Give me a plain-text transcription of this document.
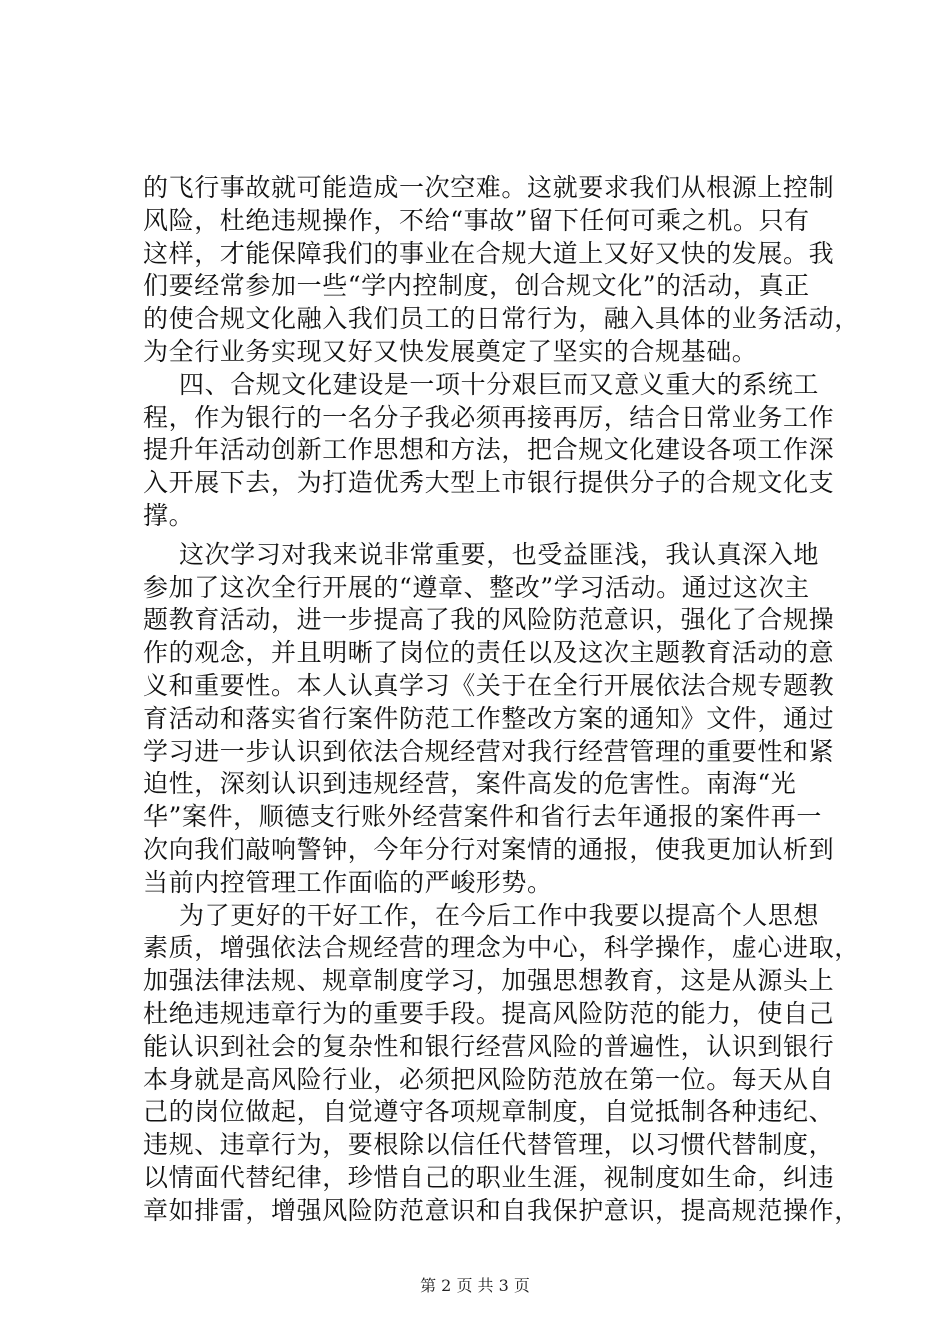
的飞行事故就可能造成一次空难。这就要求我们从根源上控制
风险，杜绝违规操作，不给“事故”留下任何可乘之机。只有
这样，才能保障我们的事业在合规大道上又好又快的发展。我
们要经常参加一些“学内控制度，创合规文化”的活动，真正
的使合规文化融入我们员工的日常行为，融入具体的业务活动，
为全行业务实现又好又快发展奠定了坚实的合规基础。

四、合规文化建设是一项十分艰巨而又意义重大的系统工
程，作为银行的一名分子我必须再接再厉，结合日常业务工作
提升年活动创新工作思想和方法，把合规文化建设各项工作深
入开展下去，为打造优秀大型上市银行提供分子的合规文化支
撑。

这次学习对我来说非常重要，也受益匪浅，我认真深入地
参加了这次全行开展的“遵章、整改”学习活动。通过这次主
题教育活动，进一步提高了我的风险防范意识，强化了合规操
作的观念，并且明晰了岗位的责任以及这次主题教育活动的意
义和重要性。本人认真学习《关于在全行开展依法合规专题教
育活动和落实省行案件防范工作整改方案的通知》文件，通过
学习进一步认识到依法合规经营对我行经营管理的重要性和紧
迫性，深刻认识到违规经营，案件高发的危害性。南海“光
华”案件，顺德支行账外经营案件和省行去年通报的案件再一
次向我们敲响警钟，今年分行对案情的通报，使我更加认析到
当前内控管理工作面临的严峻形势。

为了更好的干好工作，在今后工作中我要以提高个人思想
素质，增强依法合规经营的理念为中心，科学操作，虚心进取，
加强法律法规、规章制度学习，加强思想教育，这是从源头上
杜绝违规违章行为的重要手段。提高风险防范的能力，使自己
能认识到社会的复杂性和银行经营风险的普遍性，认识到银行
本身就是高风险行业，必须把风险防范放在第一位。每天从自
己的岗位做起，自觉遵守各项规章制度，自觉抵制各种违纪、
违规、违章行为，要根除以信任代替管理，以习惯代替制度，
以情面代替纪律，珍惜自己的职业生涯，视制度如生命，纠违
章如排雷，增强风险防范意识和自我保护意识，提高规范操作，

第 2 页 共 3 页
